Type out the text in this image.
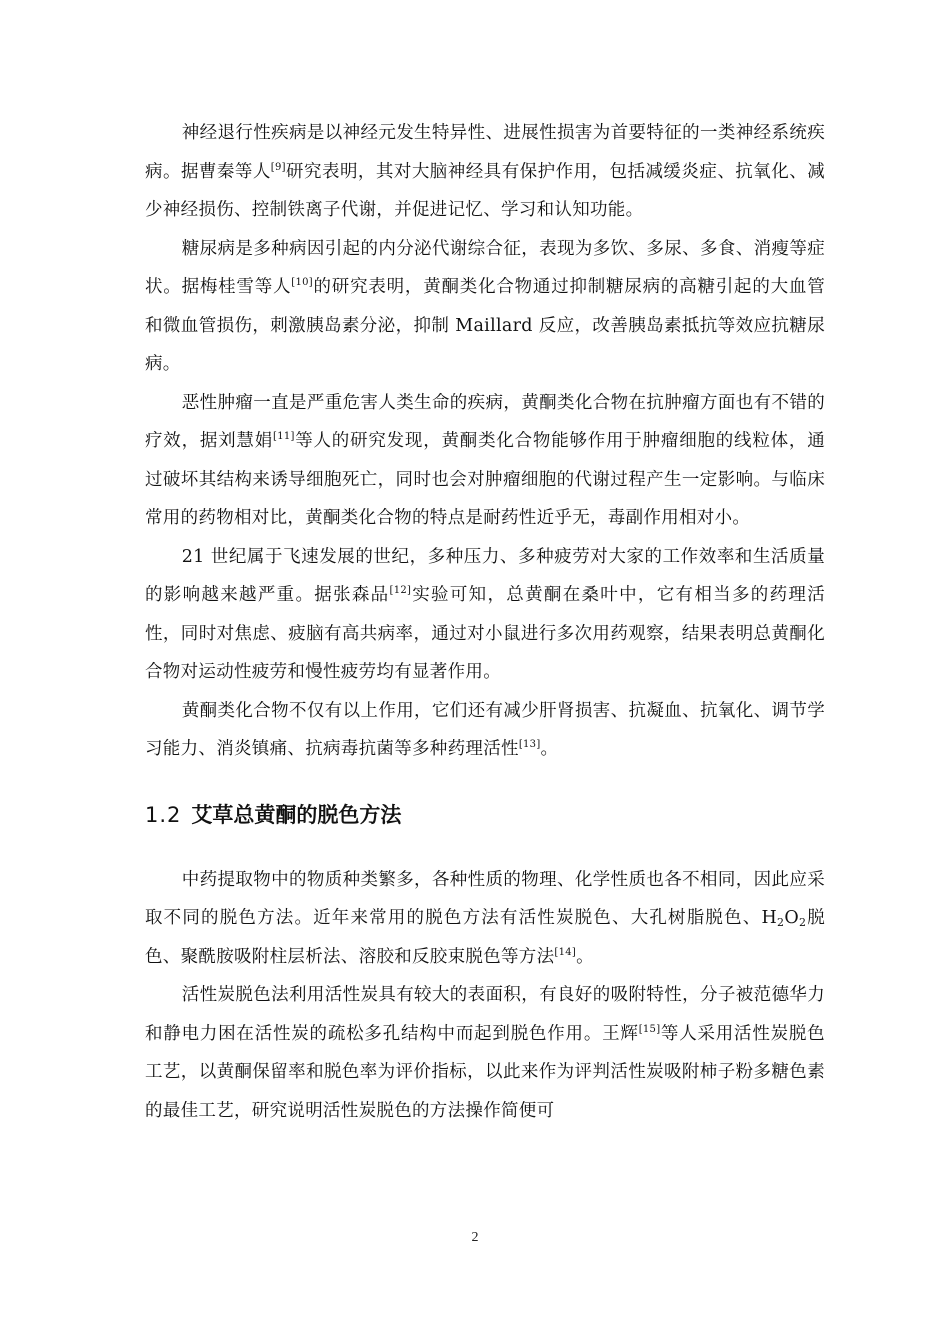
神经退行性疾病是以神经元发生特异性、进展性损害为首要特征的一类神经系统疾病。据曹秦等人[9]研究表明，其对大脑神经具有保护作用，包括减缓炎症、抗氧化、减少神经损伤、控制铁离子代谢，并促进记忆、学习和认知功能。

糖尿病是多种病因引起的内分泌代谢综合征，表现为多饮、多尿、多食、消瘦等症状。据梅桂雪等人[10]的研究表明，黄酮类化合物通过抑制糖尿病的高糖引起的大血管和微血管损伤，刺激胰岛素分泌，抑制 Maillard 反应，改善胰岛素抵抗等效应抗糖尿病。

恶性肿瘤一直是严重危害人类生命的疾病，黄酮类化合物在抗肿瘤方面也有不错的疗效，据刘慧娟[11]等人的研究发现，黄酮类化合物能够作用于肿瘤细胞的线粒体，通过破坏其结构来诱导细胞死亡，同时也会对肿瘤细胞的代谢过程产生一定影响。与临床常用的药物相对比，黄酮类化合物的特点是耐药性近乎无，毒副作用相对小。

21 世纪属于飞速发展的世纪，多种压力、多种疲劳对大家的工作效率和生活质量的影响越来越严重。据张森品[12]实验可知，总黄酮在桑叶中，它有相当多的药理活性，同时对焦虑、疲脑有高共病率，通过对小鼠进行多次用药观察，结果表明总黄酮化合物对运动性疲劳和慢性疲劳均有显著作用。

黄酮类化合物不仅有以上作用，它们还有减少肝肾损害、抗凝血、抗氧化、调节学习能力、消炎镇痛、抗病毒抗菌等多种药理活性[13]。

1.2 艾草总黄酮的脱色方法

中药提取物中的物质种类繁多，各种性质的物理、化学性质也各不相同，因此应采取不同的脱色方法。近年来常用的脱色方法有活性炭脱色、大孔树脂脱色、$H_2O_2$脱色、聚酰胺吸附柱层析法、溶胶和反胶束脱色等方法[14]。

活性炭脱色法利用活性炭具有较大的表面积，有良好的吸附特性，分子被范德华力和静电力困在活性炭的疏松多孔结构中而起到脱色作用。王辉[15]等人采用活性炭脱色工艺，以黄酮保留率和脱色率为评价指标，以此来作为评判活性炭吸附柿子粉多糖色素的最佳工艺，研究说明活性炭脱色的方法操作简便可

2
